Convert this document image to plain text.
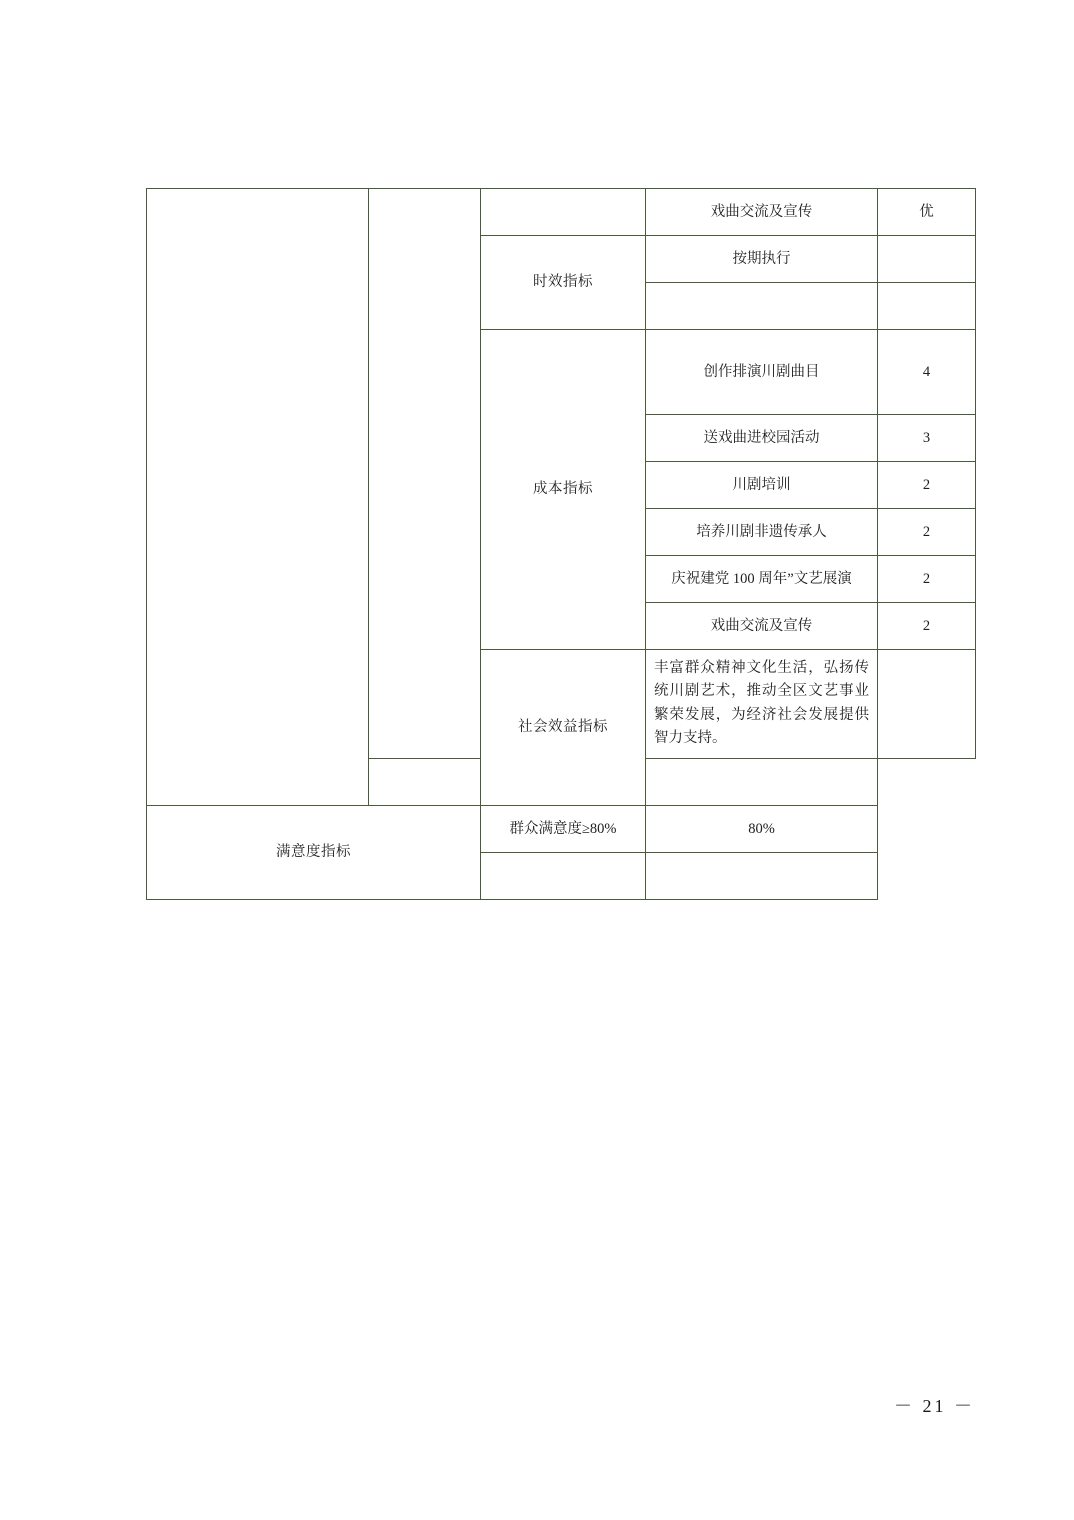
			戏曲交流及宣传	优

		时效指标	按期执行	

		成本指标	创作排演川剧曲目	4

			送戏曲进校园活动	3

			川剧培训	2

			培养川剧非遗传承人	2

			庆祝建党 100 周年”文艺展演	2

			戏曲交流及宣传	2

		社会效益指标	丰富群众精神文化生活，弘扬传统川剧艺术，推动全区文艺事业繁荣发展，为经济社会发展提供智力支持。	

满意度指标		群众满意度≥80%	80%	

－ 21 －
